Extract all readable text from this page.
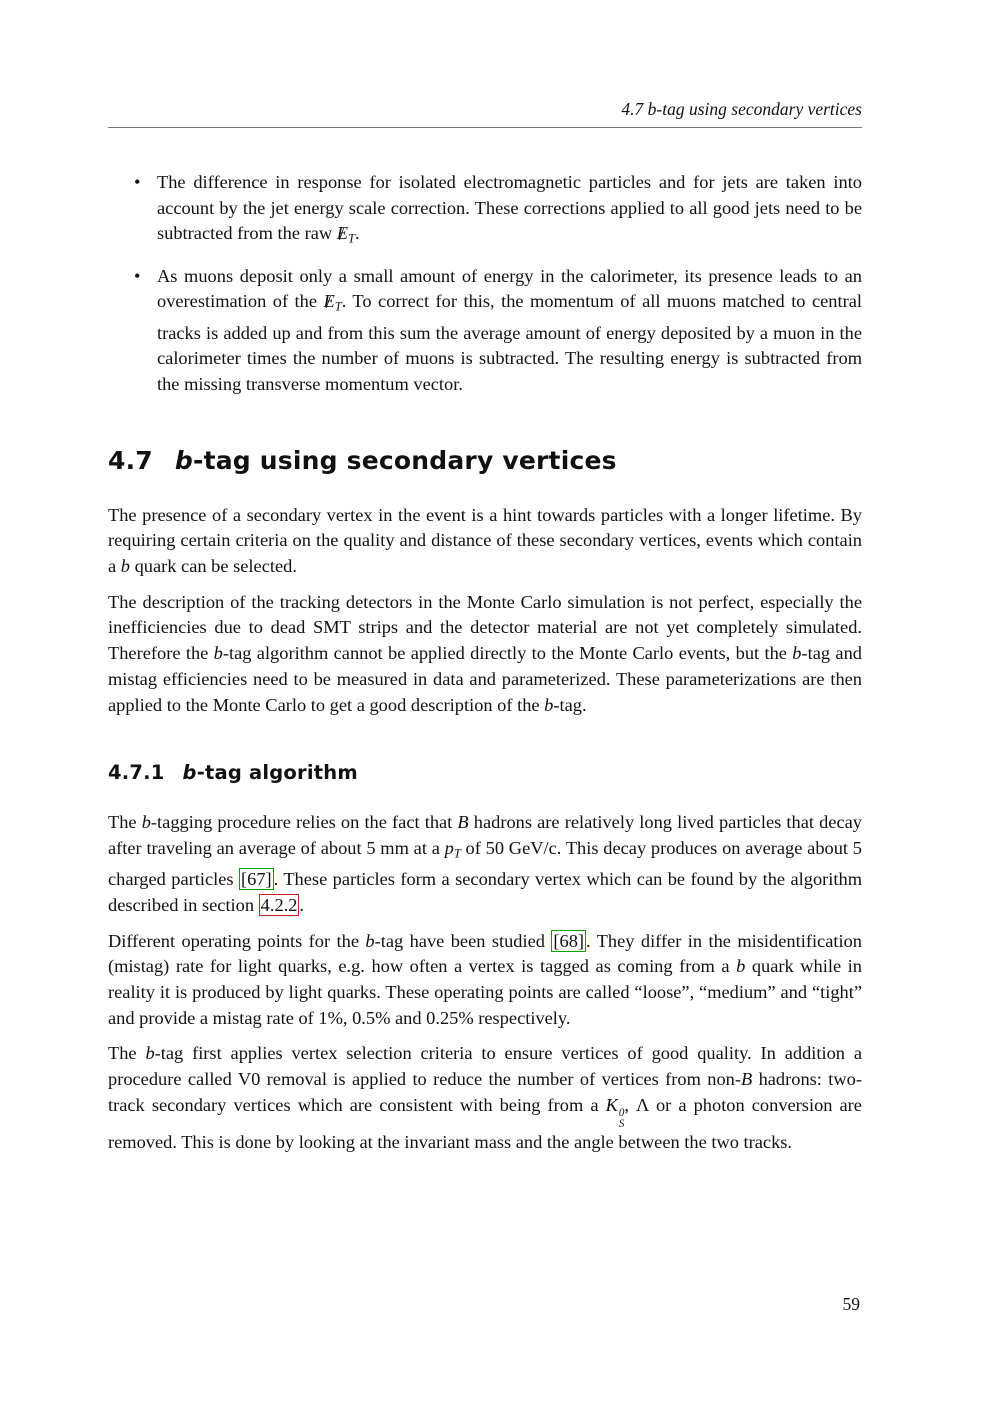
4.7 b-tag using secondary vertices
• The difference in response for isolated electromagnetic particles and for jets are taken into account by the jet energy scale correction. These corrections applied to all good jets need to be subtracted from the raw E $/_T$.
• As muons deposit only a small amount of energy in the calorimeter, its presence leads to an overestimation of the E $/_T$. To correct for this, the momentum of all muons matched to central tracks is added up and from this sum the average amount of energy deposited by a muon in the calorimeter times the number of muons is subtracted. The resulting energy is subtracted from the missing transverse momentum vector.
4.7 b-tag using secondary vertices

The presence of a secondary vertex in the event is a hint towards particles with a longer lifetime. By requiring certain criteria on the quality and distance of these secondary vertices, events which contain a b quark can be selected.

The description of the tracking detectors in the Monte Carlo simulation is not perfect, especially the inefficiencies due to dead SMT strips and the detector material are not yet completely simulated. Therefore the b-tag algorithm cannot be applied directly to the Monte Carlo events, but the b-tag and mistag efficiencies need to be measured in data and parameterized. These parameterizations are then applied to the Monte Carlo to get a good description of the b-tag.

4.7.1 b-tag algorithm

The b-tagging procedure relies on the fact that B hadrons are relatively long lived particles that decay after traveling an average of about 5 mm at a $p_T$ of 50 GeV/c. This decay produces on average about 5 charged particles [67] . These particles form a secondary vertex which can be found by the algorithm described in section 4.2.2 .

Different operating points for the b-tag have been studied [68] . They differ in the misidentification (mistag) rate for light quarks, e.g. how often a vertex is tagged as coming from a b quark while in reality it is produced by light quarks. These operating points are called “loose”, “medium” and “tight” and provide a mistag rate of 1%, 0.5% and 0.25% respectively.

The b-tag first applies vertex selection criteria to ensure vertices of good quality. In addition a procedure called V0 removal is applied to reduce the number of vertices from non-B hadrons: two-track secondary vertices which are consistent with being from a K 0
S
, Λ or a photon conversion are removed. This is done by looking at the invariant mass and the angle between the two tracks.

59
